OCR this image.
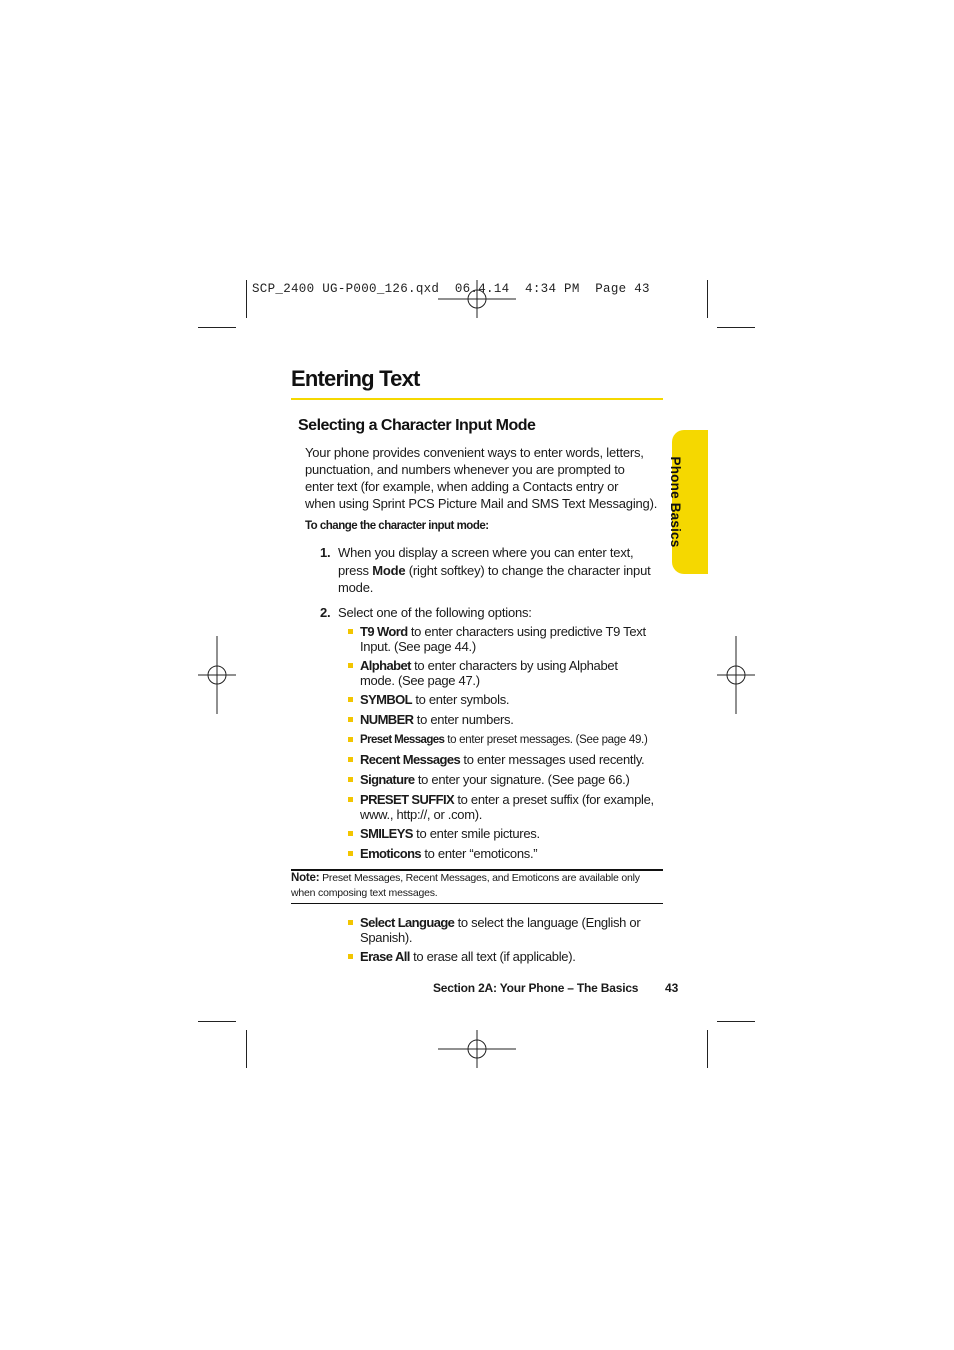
SCP_2400 UG-P000_126.qxd  06.4.14  4:34 PM  Page 43
Entering Text
Selecting a Character Input Mode
Your phone provides convenient ways to enter words, letters,
punctuation, and numbers whenever you are prompted to
enter text (for example, when adding a Contacts entry or
when using Sprint PCS Picture Mail and SMS Text Messaging).
To change the character input mode:
1. When you display a screen where you can enter text,
press Mode (right softkey) to change the character input
mode.
2. Select one of the following options:
T9 Word to enter characters using predictive T9 Text
Input. (See page 44.)
Alphabet to enter characters by using Alphabet
mode. (See page 47.)
SYMBOL to enter symbols.
NUMBER to enter numbers.
Preset Messages to enter preset messages. (See page 49.)
Recent Messages to enter messages used recently.
Signature to enter your signature. (See page 66.)
PRESET SUFFIX to enter a preset suffix (for example,
www., http://, or .com).
SMILEYS to enter smile pictures.
Emoticons to enter “emoticons.”
Note: Preset Messages, Recent Messages, and Emoticons are available only
when composing text messages.
Select Language to select the language (English or
Spanish).
Erase All to erase all text (if applicable).
Phone Basics
Section 2A: Your Phone – The Basics 43
